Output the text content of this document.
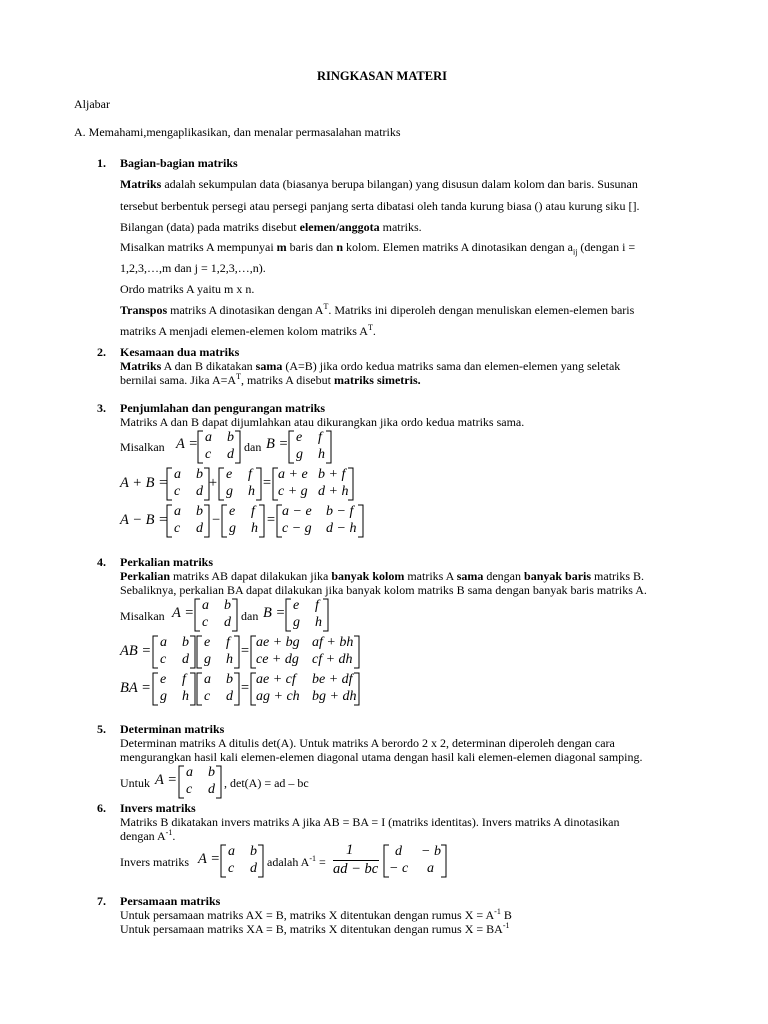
RINGKASAN MATERI
Aljabar
A. Memahami,mengaplikasikan, dan menalar permasalahan matriks
1. Bagian-bagian matriks
Matriks adalah sekumpulan data (biasanya berupa bilangan) yang disusun dalam kolom dan baris. Susunan
tersebut berbentuk persegi atau persegi panjang serta dibatasi oleh tanda kurung biasa () atau kurung siku [].
Bilangan (data) pada matriks disebut elemen/anggota matriks.
Misalkan matriks A mempunyai m baris dan n kolom. Elemen matriks A dinotasikan dengan $a_{ij}$ (dengan i =
1,2,3,…,m dan j = 1,2,3,…,n).
Ordo matriks A yaitu m x n.
Transpos matriks A dinotasikan dengan $A^T$. Matriks ini diperoleh dengan menuliskan elemen-elemen baris
matriks A menjadi elemen-elemen kolom matriks $A^T$.
2. Kesamaan dua matriks
Matriks A dan B dikatakan sama (A=B) jika ordo kedua matriks sama dan elemen-elemen yang seletak
bernilai sama. Jika $A=A^T$, matriks A disebut matriks simetris.
3. Penjumlahan dan pengurangan matriks
Matriks A dan B dapat dijumlahkan atau dikurangkan jika ordo kedua matriks sama.
Misalkan A = a b
c d dan B = e f
g h
A + B =
a b
c d
+
e f
g h
=
a + e b + f
c + g d + h
A − B =
a b
c d
−
e f
g h
=
a − e b − f
c − g d − h
4. Perkalian matriks
Perkalian matriks AB dapat dilakukan jika banyak kolom matriks A sama dengan banyak baris matriks B.
Sebaliknya, perkalian BA dapat dilakukan jika banyak kolom matriks B sama dengan banyak baris matriks A.
Misalkan A = a b
c d dan B = e f
g h
AB =
a b
c d
e f
g h
=
ae + bg af + bh
ce + dg cf + dh
BA =
e f
g h
a b
c d
=
ae + cf be + df
ag + ch bg + dh
5. Determinan matriks
Determinan matriks A ditulis det(A). Untuk matriks A berordo 2 x 2, determinan diperoleh dengan cara
mengurangkan hasil kali elemen-elemen diagonal utama dengan hasil kali elemen-elemen diagonal samping.
Untuk A = a b
c d , det(A) = ad – bc
6. Invers matriks
Matriks B dikatakan invers matriks A jika AB = BA = I (matriks identitas). Invers matriks A dinotasikan
dengan $A^{-1}$.
Invers matriks A = a b
c d adalah $A^{-1}$ =
1
ad − bc
d − b
− c a
7. Persamaan matriks
Untuk persamaan matriks AX = B, matriks X ditentukan dengan rumus $X = A^{-1}$ B
Untuk persamaan matriks XA = B, matriks X ditentukan dengan rumus $X = BA^{-1}$
